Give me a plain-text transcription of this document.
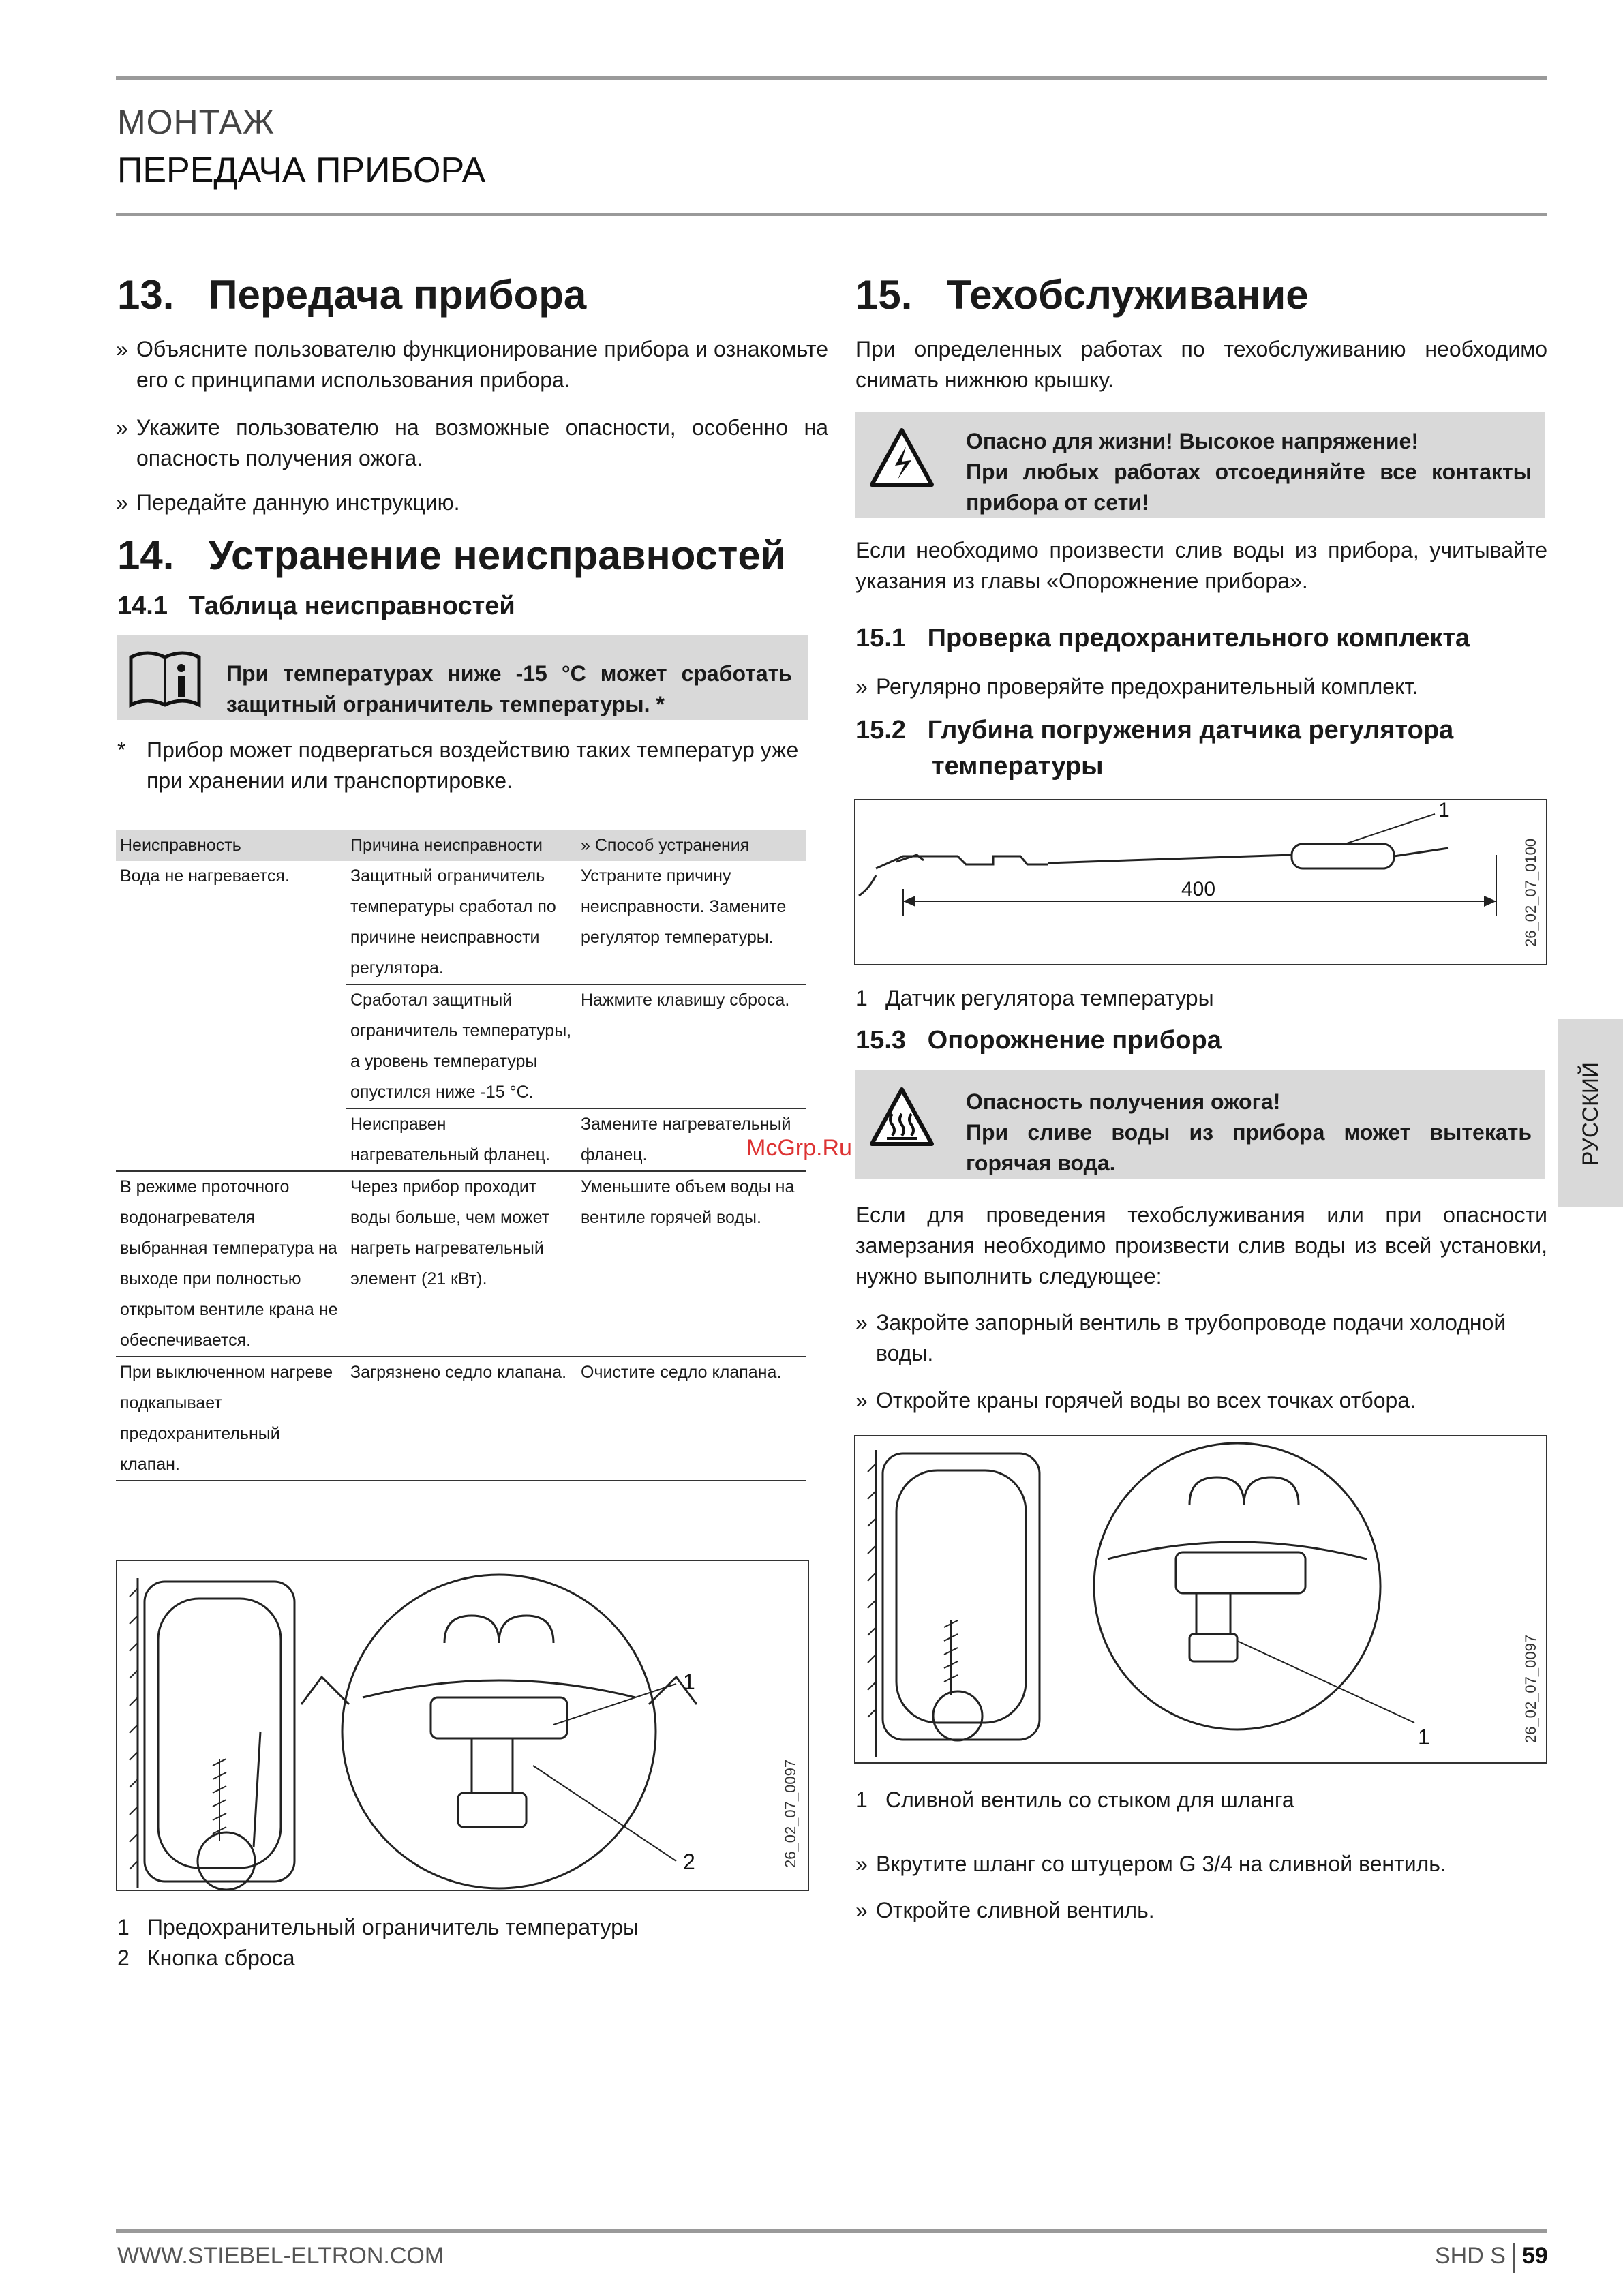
МОНТАЖ
ПЕРЕДАЧА ПРИБОРА
13.   Передача прибора
» Объясните пользователю функционирование прибора и ознакомьте его с принципами использования прибора.
» Укажите пользователю на возможные опасности, особенно на опасность получения ожога.
» Передайте данную инструкцию.
14.   Устранение неисправностей
14.1   Таблица неисправностей
При температурах ниже -15 °C может сработать защитный ограничитель температуры. *
* Прибор может подвергаться воздействию таких температур уже при хранении или транспортировке.
Неисправность	Причина неисправности	» Способ устранения
Вода не нагревается.	Защитный ограничитель температуры сработал по причине неисправности регулятора.	Устраните причину неисправности. Замените регулятор температуры.
	Сработал защитный ограничитель температуры, а уровень температуры опустился ниже -15 °C.	Нажмите клавишу сброса.
	Неисправен нагревательный фланец.	Замените нагревательный фланец.
В режиме проточного водонагревателя выбранная температура на выходе при полностью открытом вентиле крана не обеспечивается.	Через прибор проходит воды больше, чем может нагреть нагревательный элемент (21 кВт).	Уменьшите объем воды на вентиле горячей воды.
При выключенном нагреве подкапывает предохранительный клапан.	Загрязнено седло клапана.	Очистите седло клапана.
1
2	26_02_07_0097
1 Предохранительный ограничитель температуры
2 Кнопка сброса
15.   Техобслуживание
При определенных работах по техобслуживанию необходимо снимать нижнюю крышку.
Опасно для жизни! Высокое напряжение!
При любых работах отсоединяйте все контакты прибора от сети!
Если необходимо произвести слив воды из прибора, учитывайте указания из главы «Опорожнение прибора».
15.1   Проверка предохранительного комплекта
» Регулярно проверяйте предохранительный комплект.
15.2   Глубина погружения датчика регулятора
температуры
400
1
26_02_07_0100
1 Датчик регулятора температуры
15.3   Опорожнение прибора
Опасность получения ожога!
При сливе воды из прибора может вытекать горячая вода.
Если для проведения техобслуживания или при опасности замерзания необходимо произвести слив воды из всей установки, нужно выполнить следующее:
» Закройте запорный вентиль в трубопроводе подачи холодной воды.
» Откройте краны горячей воды во всех точках отбора.
1	26_02_07_0097
1 Сливной вентиль со стыком для шланга
» Вкрутите шланг со штуцером G 3/4 на сливной вентиль.
» Откройте сливной вентиль.
РУССКИЙ
McGrp.Ru
WWW.STIEBEL-ELTRON.COM	SHD S 59
